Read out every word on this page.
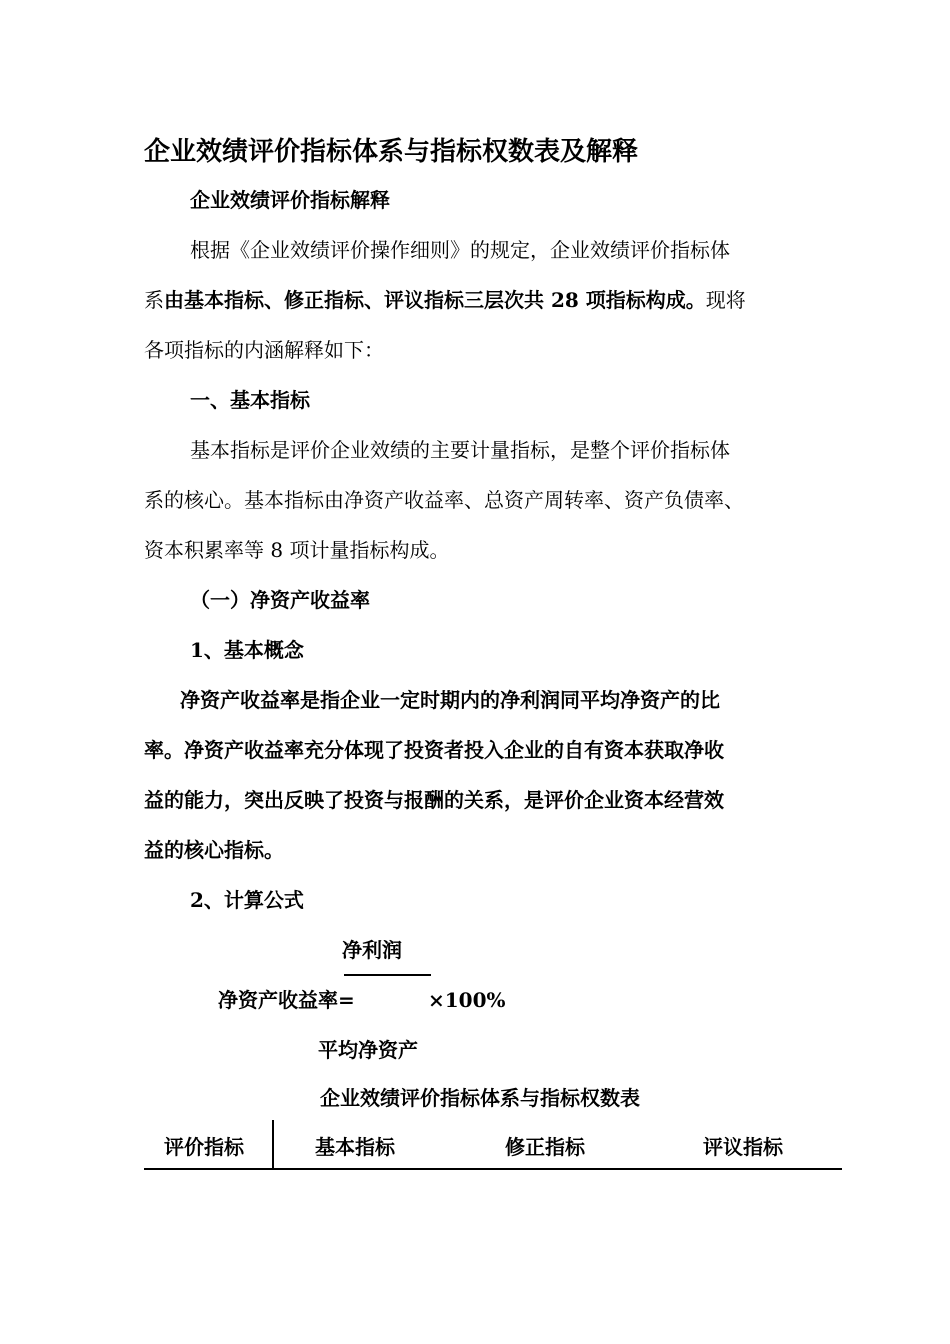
企业效绩评价指标体系与指标权数表及解释
企业效绩评价指标解释
根据《企业效绩评价操作细则》的规定，企业效绩评价指标体
系由基本指标、修正指标、评议指标三层次共 28 项指标构成。现将
各项指标的内涵解释如下：
一、基本指标
基本指标是评价企业效绩的主要计量指标，是整个评价指标体
系的核心。基本指标由净资产收益率、总资产周转率、资产负债率、
资本积累率等 8 项计量指标构成。
（一）净资产收益率
1、基本概念
净资产收益率是指企业一定时期内的净利润同平均净资产的比
率。净资产收益率充分体现了投资者投入企业的自有资本获取净收
益的能力，突出反映了投资与报酬的关系，是评价企业资本经营效
益的核心指标。
2、计算公式
净利润
净资产收益率=	×100%
平均净资产
企业效绩评价指标体系与指标权数表
评价指标	基本指标	修正指标	评议指标
